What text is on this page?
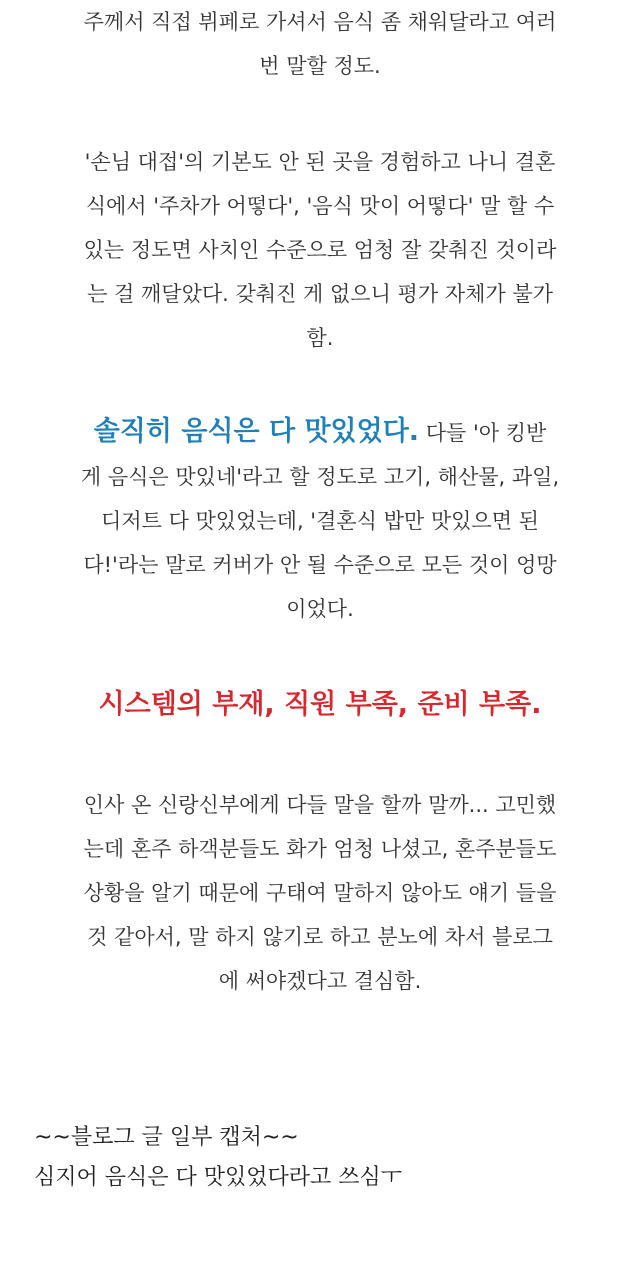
주께서 직접 뷔페로 가셔서 음식 좀 채워달라고 여러
번 말할 정도.

'손님 대접'의 기본도 안 된 곳을 경험하고 나니 결혼
식에서 '주차가 어떻다', '음식 맛이 어떻다' 말 할 수
있는 정도면 사치인 수준으로 엄청 잘 갖춰진 것이라
는 걸 깨달았다. 갖춰진 게 없으니 평가 자체가 불가
함.

솔직히 음식은 다 맛있었다. 다들 '아 킹받
게 음식은 맛있네'라고 할 정도로 고기, 해산물, 과일,
디저트 다 맛있었는데, '결혼식 밥만 맛있으면 된
다!'라는 말로 커버가 안 될 수준으로 모든 것이 엉망
이었다.

시스템의 부재, 직원 부족, 준비 부족.

인사 온 신랑신부에게 다들 말을 할까 말까... 고민했
는데 혼주 하객분들도 화가 엄청 나셨고, 혼주분들도
상황을 알기 때문에 구태여 말하지 않아도 얘기 들을
것 같아서, 말 하지 않기로 하고 분노에 차서 블로그
에 써야겠다고 결심함.

~~블로그 글 일부 캡처~~
심지어 음식은 다 맛있었다라고 쓰심ㅜ
